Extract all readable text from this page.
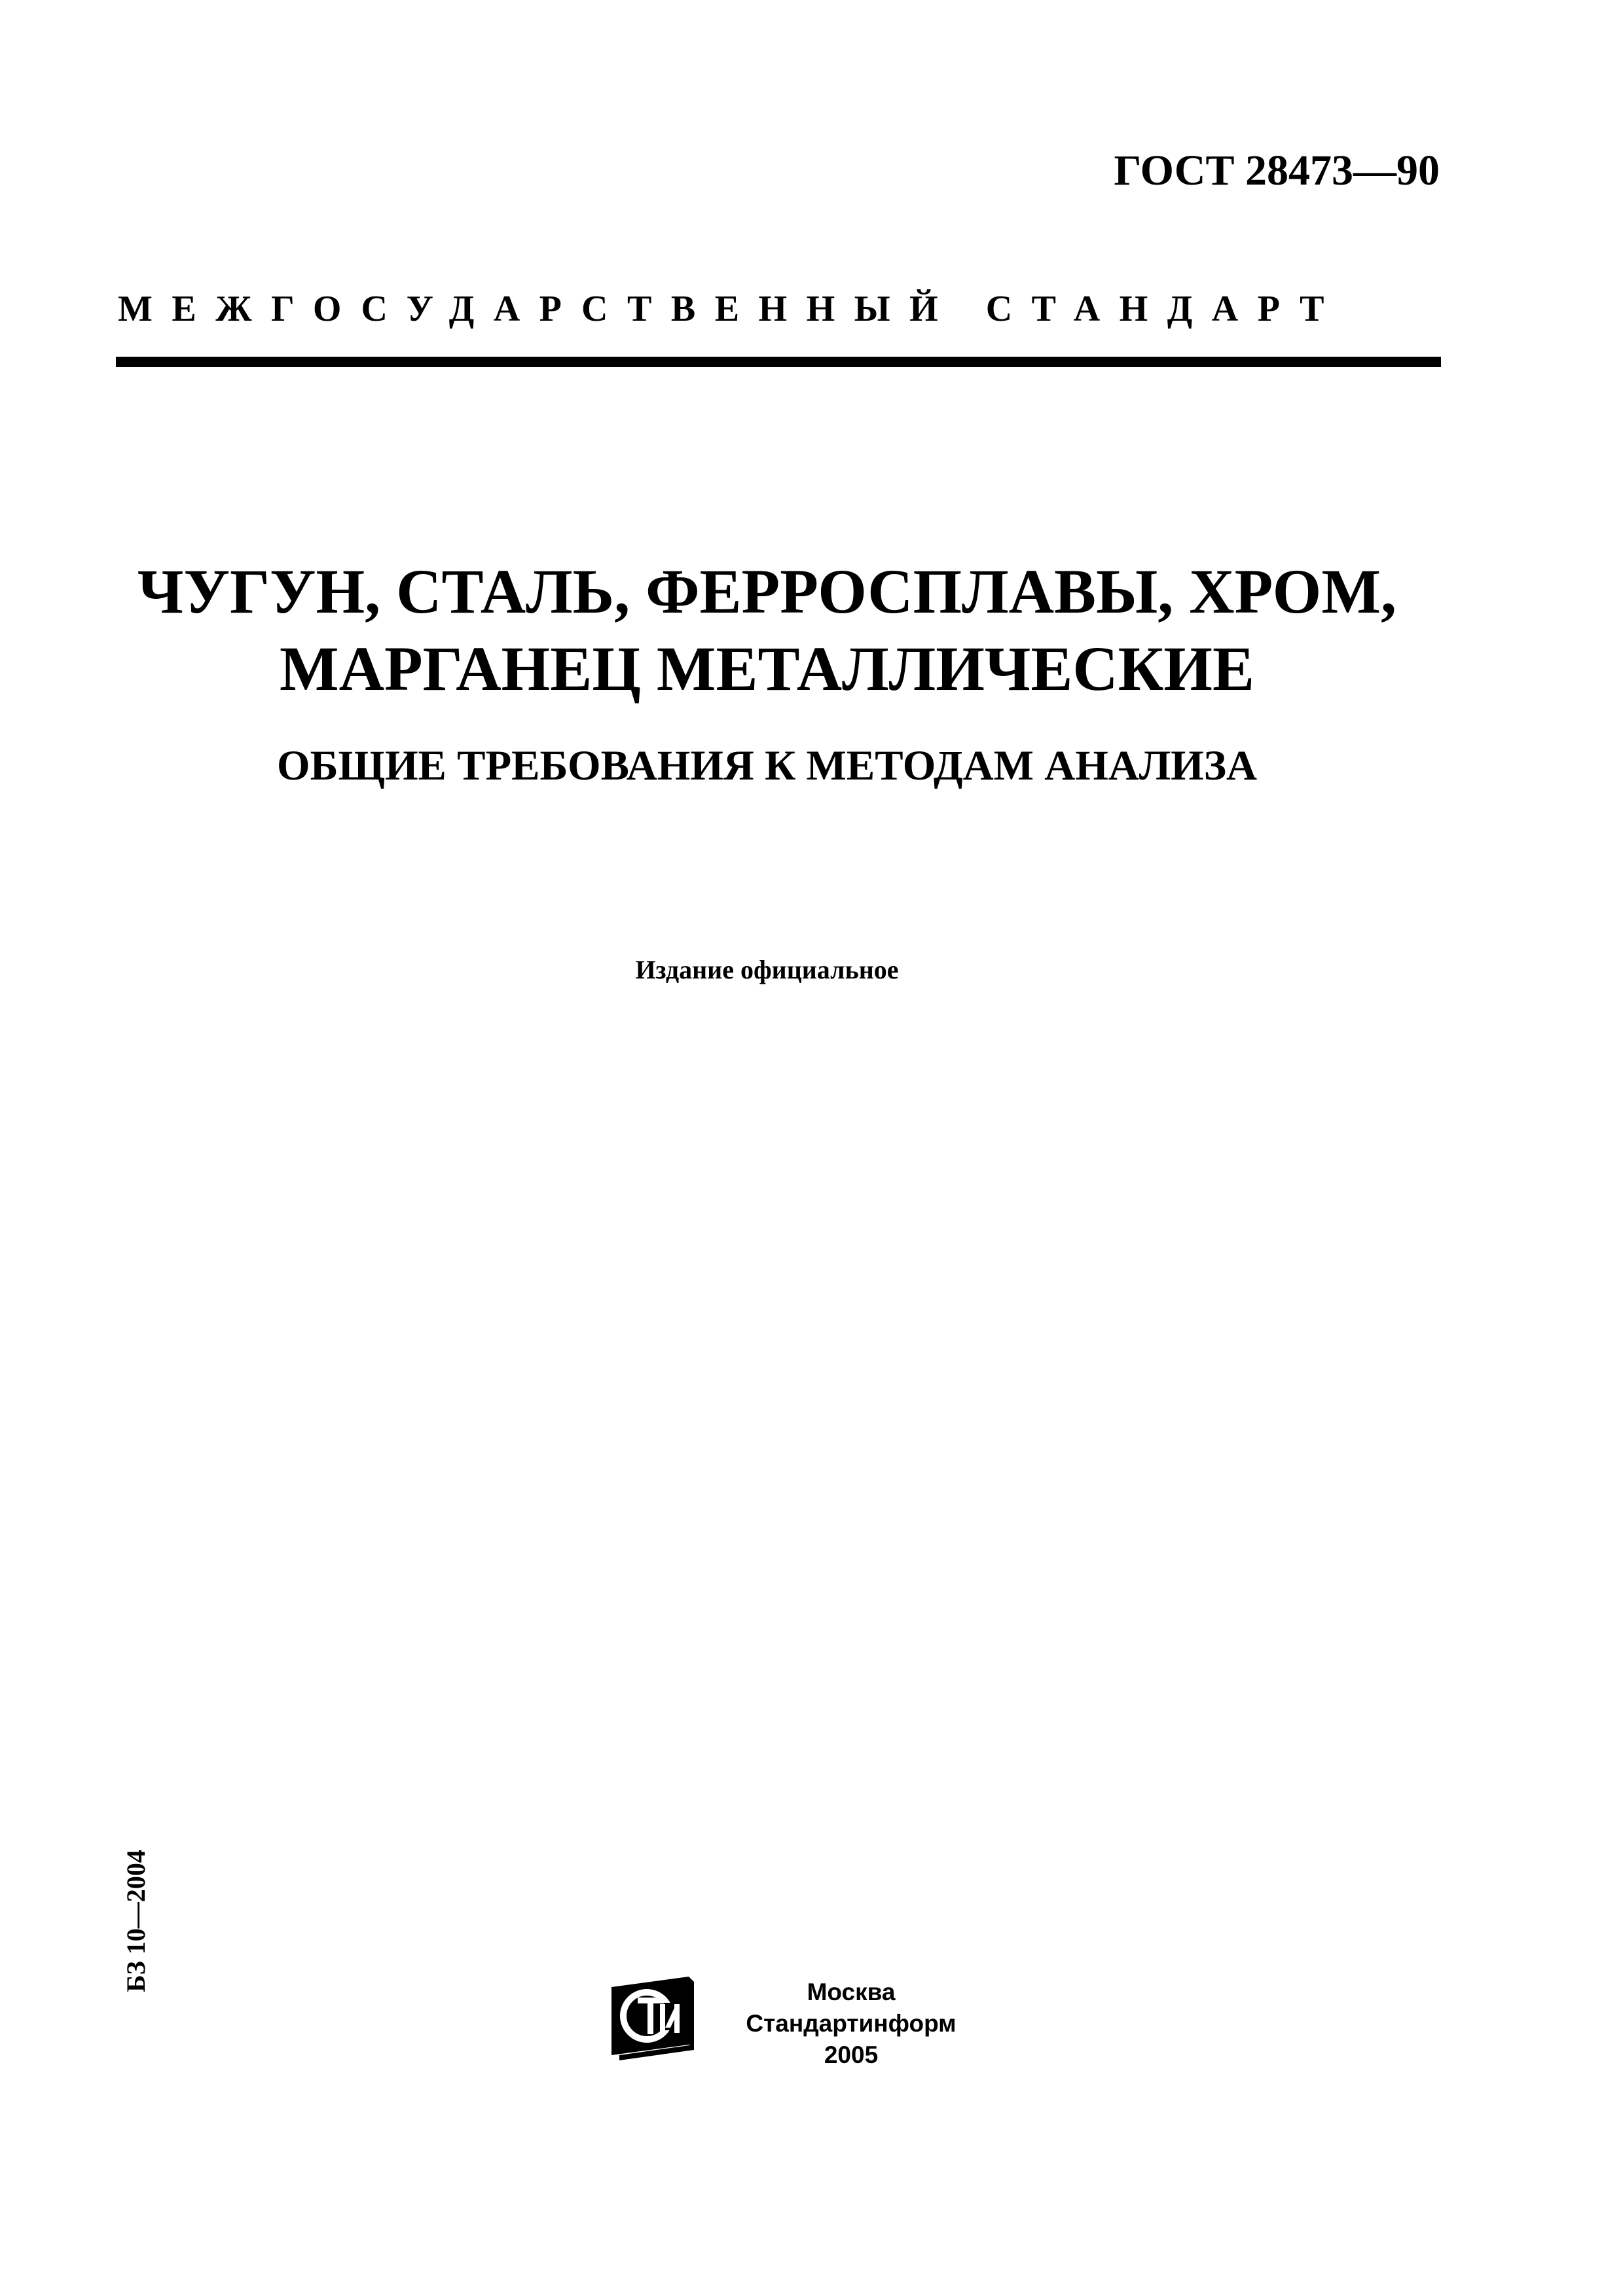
ГОСТ 28473—90
МЕЖГОСУДАРСТВЕННЫЙ СТАНДАРТ
ЧУГУН, СТАЛЬ, ФЕРРОСПЛАВЫ, ХРОМ,
МАРГАНЕЦ МЕТАЛЛИЧЕСКИЕ
ОБЩИЕ ТРЕБОВАНИЯ К МЕТОДАМ АНАЛИЗА
Издание официальное
БЗ 10—2004	Москва
Стандартинформ
2005
